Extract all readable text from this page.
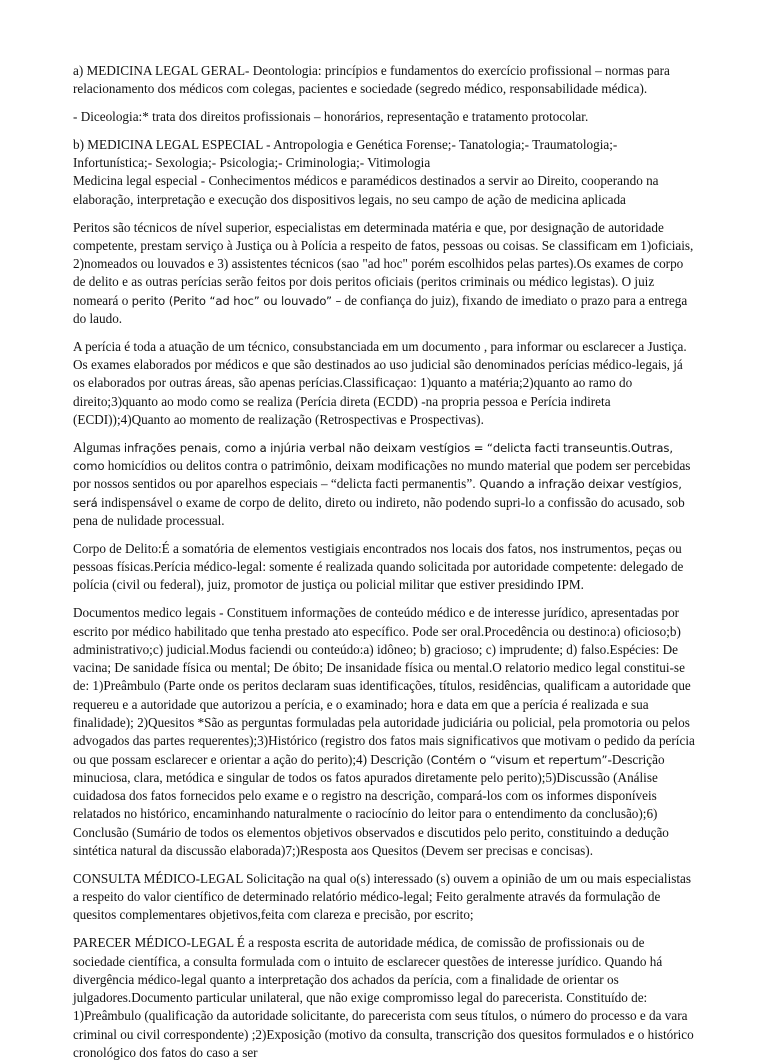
a) MEDICINA LEGAL GERAL- Deontologia: princípios e fundamentos do exercício profissional – normas para relacionamento dos médicos com colegas, pacientes e sociedade (segredo médico, responsabilidade médica).

- Diceologia:* trata dos direitos profissionais – honorários, representação e tratamento protocolar.

b) MEDICINA LEGAL ESPECIAL - Antropologia e Genética Forense;- Tanatologia;- Traumatologia;- Infortunística;- Sexologia;- Psicologia;- Criminologia;- Vitimologia
Medicina legal especial - Conhecimentos médicos e paramédicos destinados a servir ao Direito, cooperando na elaboração, interpretação e execução dos dispositivos legais, no seu campo de ação de medicina aplicada

Peritos são técnicos de nível superior, especialistas em determinada matéria e que, por designação de autoridade competente, prestam serviço à Justiça ou à Polícia a respeito de fatos, pessoas ou coisas. Se classificam em 1)oficiais, 2)nomeados ou louvados e 3) assistentes técnicos (sao "ad hoc" porém escolhidos pelas partes).Os exames de corpo de delito e as outras perícias serão feitos por dois peritos oficiais (peritos criminais ou médico legistas). O juiz nomeará o perito (Perito “ad hoc” ou louvado” – de confiança do juiz), fixando de imediato o prazo para a entrega do laudo.

A perícia é toda a atuação de um técnico, consubstanciada em um documento , para informar ou esclarecer a Justiça. Os exames elaborados por médicos e que são destinados ao uso judicial são denominados perícias médico-legais, já os elaborados por outras áreas, são apenas perícias.Classificaçao: 1)quanto a matéria;2)quanto ao ramo do direito;3)quanto ao modo como se realiza (Perícia direta (ECDD) -na propria pessoa e Perícia indireta (ECDI));4)Quanto ao momento de realização (Retrospectivas e Prospectivas).

Algumas infrações penais, como a injúria verbal não deixam vestígios = “delicta facti transeuntis.Outras, como homicídios ou delitos contra o patrimônio, deixam modificações no mundo material que podem ser percebidas por nossos sentidos ou por aparelhos especiais – “delicta facti permanentis”. Quando a infração deixar vestígios, será indispensável o exame de corpo de delito, direto ou indireto, não podendo supri-lo a confissão do acusado, sob pena de nulidade processual.

Corpo de Delito:É a somatória de elementos vestigiais encontrados nos locais dos fatos, nos instrumentos, peças ou pessoas físicas.Perícia médico-legal: somente é realizada quando solicitada por autoridade competente: delegado de polícia (civil ou federal), juiz, promotor de justiça ou policial militar que estiver presidindo IPM.

Documentos medico legais - Constituem informações de conteúdo médico e de interesse jurídico, apresentadas por escrito por médico habilitado que tenha prestado ato específico. Pode ser oral.Procedência ou destino:a) oficioso;b) administrativo;c) judicial.Modus faciendi ou conteúdo:a) idôneo; b) gracioso; c) imprudente; d) falso.Espécies: De vacina; De sanidade física ou mental; De óbito; De insanidade física ou mental.O relatorio medico legal constitui-se de: 1)Preâmbulo (Parte onde os peritos declaram suas identificações, títulos, residências, qualificam a autoridade que requereu e a autoridade que autorizou a perícia, e o examinado; hora e data em que a perícia é realizada e sua finalidade); 2)Quesitos *São as perguntas formuladas pela autoridade judiciária ou policial, pela promotoria ou pelos advogados das partes requerentes);3)Histórico (registro dos fatos mais significativos que motivam o pedido da perícia ou que possam esclarecer e orientar a ação do perito);4) Descrição (Contém o “visum et repertum”-Descrição minuciosa, clara, metódica e singular de todos os fatos apurados diretamente pelo perito);5)Discussão (Análise cuidadosa dos fatos fornecidos pelo exame e o registro na descrição, compará-los com os informes disponíveis relatados no histórico, encaminhando naturalmente o raciocínio do leitor para o entendimento da conclusão);6) Conclusão (Sumário de todos os elementos objetivos observados e discutidos pelo perito, constituindo a dedução sintética natural da discussão elaborada)7;)Resposta aos Quesitos (Devem ser precisas e concisas).

CONSULTA MÉDICO-LEGAL Solicitação na qual o(s) interessado (s) ouvem a opinião de um ou mais especialistas a respeito do valor científico de determinado relatório médico-legal; Feito geralmente através da formulação de quesitos complementares objetivos,feita com clareza e precisão, por escrito;

PARECER MÉDICO-LEGAL É a resposta escrita de autoridade médica, de comissão de profissionais ou de sociedade científica, a consulta formulada com o intuito de esclarecer questões de interesse jurídico. Quando há divergência médico-legal quanto a interpretação dos achados da perícia, com a finalidade de orientar os julgadores.Documento particular unilateral, que não exige compromisso legal do parecerista. Constituído de: 1)Preâmbulo (qualificação da autoridade solicitante, do parecerista com seus títulos, o número do processo e da vara criminal ou civil correspondente) ;2)Exposição (motivo da consulta, transcrição dos quesitos formulados e o histórico cronológico dos fatos do caso a ser
